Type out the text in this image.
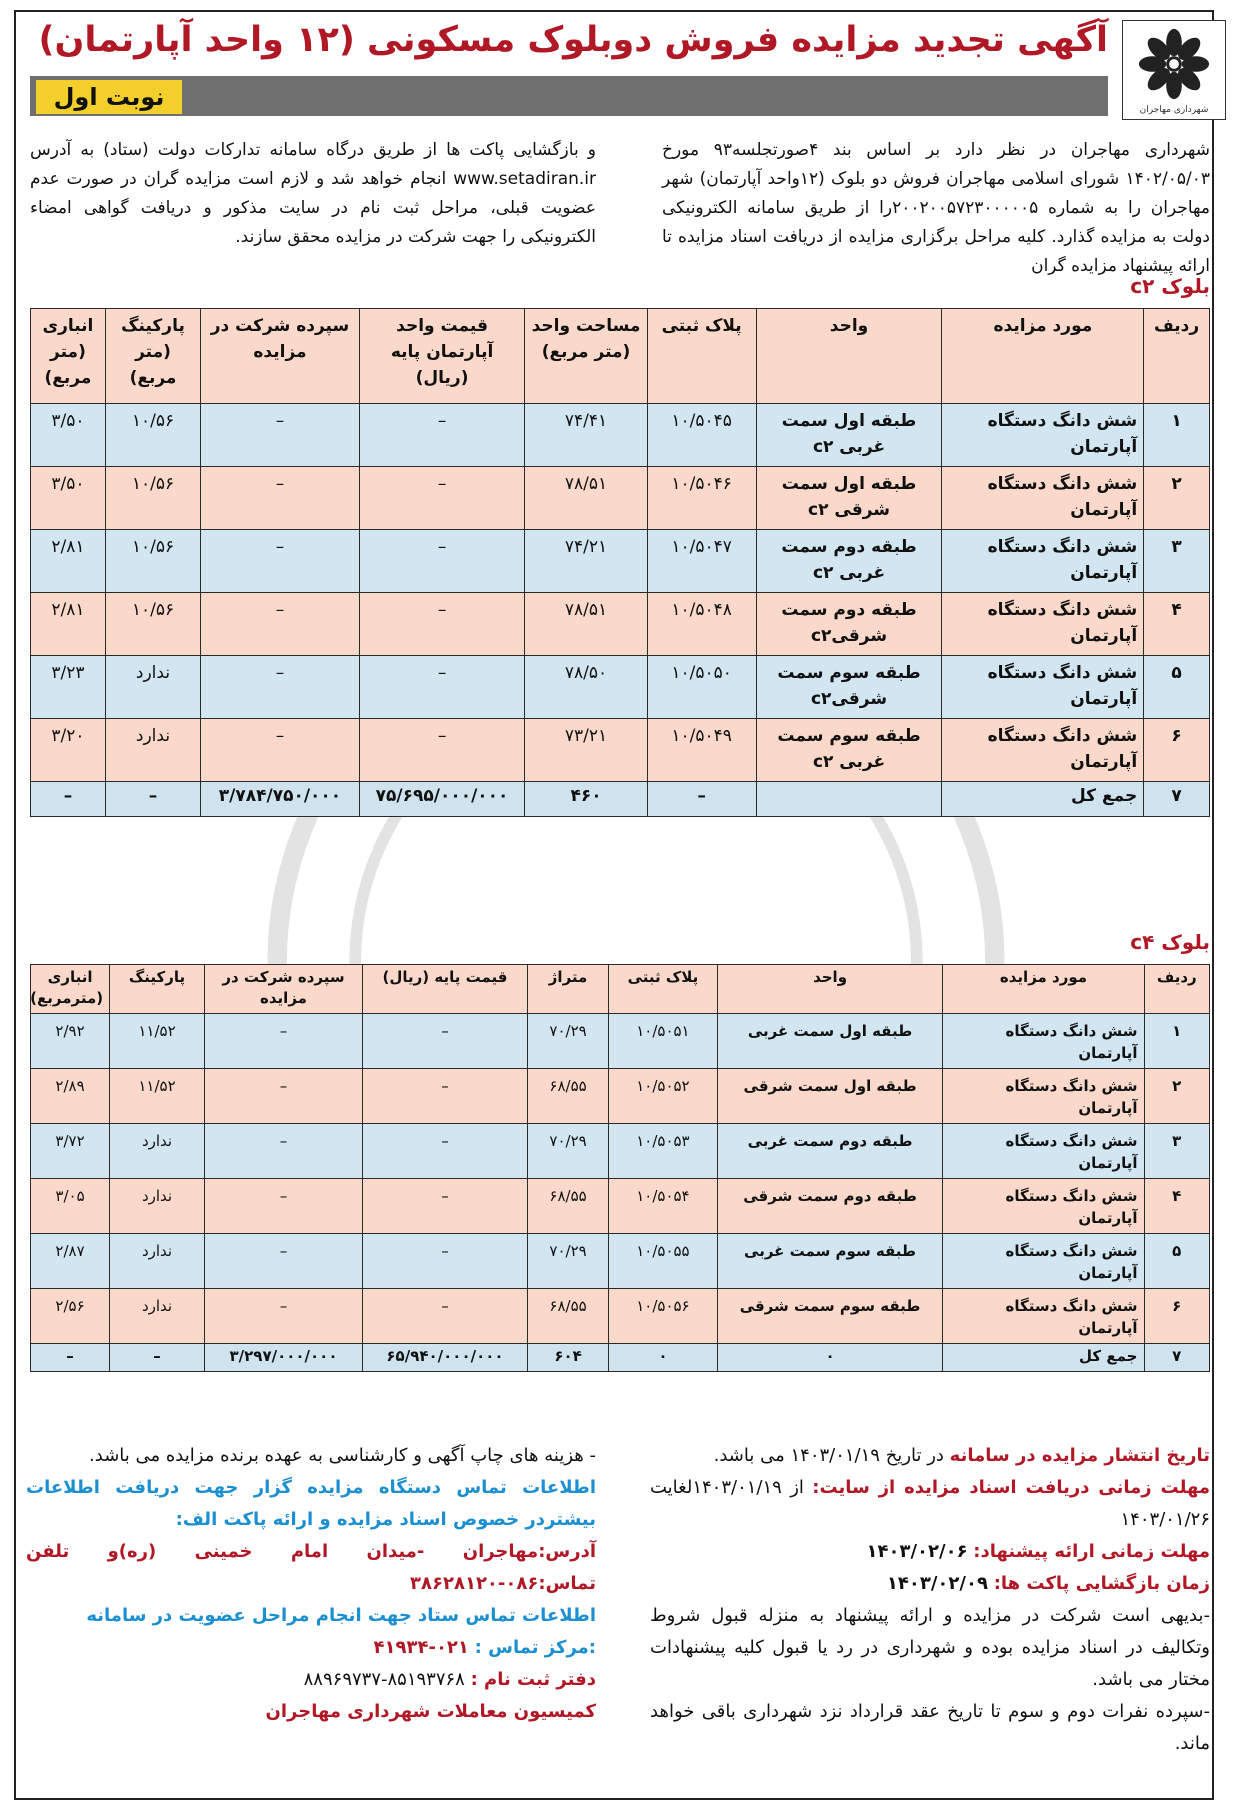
شهرداری مهاجران
آگهی تجدید مزایده فروش دوبلوک مسکونی (۱۲ واحد آپارتمان)
نوبت اول
شهرداری مهاجران در نظر دارد بر اساس بند ۴صورتجلسه۹۳ مورخ ۱۴۰۲/۰۵/۰۳ شورای اسلامی مهاجران فروش دو بلوک (۱۲واحد آپارتمان) شهر مهاجران را به شماره ۲۰۰۲۰۰۵۷۲۳۰۰۰۰۰۵را از طریق سامانه الکترونیکی دولت به مزایده گذارد. کلیه مراحل برگزاری مزایده از دریافت اسناد مزایده تا ارائه پیشنهاد مزایده گران
و بازگشایی پاکت ها از طریق درگاه سامانه تدارکات دولت (ستاد) به آدرس www.setadiran.ir انجام خواهد شد و لازم است مزایده گران در صورت عدم عضویت قبلی، مراحل ثبت نام در سایت مذکور و دریافت گواهی امضاء الکترونیکی را جهت شرکت در مزایده محقق سازند.
بلوک c۲
ردیف	مورد مزایده	واحد	پلاک ثبتی	مساحت واحد (متر مربع)	قیمت واحد آپارتمان پایه (ریال)	سپرده شرکت در مزایده	پارکینگ (متر مربع)	انباری (متر مربع)
۱	شش دانگ دستگاه آپارتمان	طبقه اول سمت غربی c۲	۱۰/۵۰۴۵	۷۴/۴۱	–	–	۱۰/۵۶	۳/۵۰
۲	شش دانگ دستگاه آپارتمان	طبقه اول سمت شرقی c۲	۱۰/۵۰۴۶	۷۸/۵۱	–	–	۱۰/۵۶	۳/۵۰
۳	شش دانگ دستگاه آپارتمان	طبقه دوم سمت غربی c۲	۱۰/۵۰۴۷	۷۴/۲۱	–	–	۱۰/۵۶	۲/۸۱
۴	شش دانگ دستگاه آپارتمان	طبقه دوم سمت شرقیc۲	۱۰/۵۰۴۸	۷۸/۵۱	–	–	۱۰/۵۶	۲/۸۱
۵	شش دانگ دستگاه آپارتمان	طبقه سوم سمت شرقیc۲	۱۰/۵۰۵۰	۷۸/۵۰	–	–	ندارد	۳/۲۳
۶	شش دانگ دستگاه آپارتمان	طبقه سوم سمت غربی c۲	۱۰/۵۰۴۹	۷۳/۲۱	–	–	ندارد	۳/۲۰
۷	جمع کل		–	۴۶۰	۷۵/۶۹۵/۰۰۰/۰۰۰	۳/۷۸۴/۷۵۰/۰۰۰	–	–
بلوک c۴
ردیف	مورد مزایده	واحد	پلاک ثبتی	متراژ	قیمت پایه (ریال)	سپرده شرکت در مزایده	پارکینگ	انباری (مترمربع)
۱	شش دانگ دستگاه آپارتمان	طبقه اول سمت غربی	۱۰/۵۰۵۱	۷۰/۲۹	–	–	۱۱/۵۲	۲/۹۲
۲	شش دانگ دستگاه آپارتمان	طبقه اول سمت شرقی	۱۰/۵۰۵۲	۶۸/۵۵	–	–	۱۱/۵۲	۲/۸۹
۳	شش دانگ دستگاه آپارتمان	طبقه دوم سمت غربی	۱۰/۵۰۵۳	۷۰/۲۹	–	–	ندارد	۳/۷۲
۴	شش دانگ دستگاه آپارتمان	طبقه دوم سمت شرقی	۱۰/۵۰۵۴	۶۸/۵۵	–	–	ندارد	۳/۰۵
۵	شش دانگ دستگاه آپارتمان	طبقه سوم سمت غربی	۱۰/۵۰۵۵	۷۰/۲۹	–	–	ندارد	۲/۸۷
۶	شش دانگ دستگاه آپارتمان	طبقه سوم سمت شرقی	۱۰/۵۰۵۶	۶۸/۵۵	–	–	ندارد	۲/۵۶
۷	جمع کل	۰	۰	۶۰۴	۶۵/۹۴۰/۰۰۰/۰۰۰	۳/۲۹۷/۰۰۰/۰۰۰	–	–
تاریخ انتشار مزایده در سامانه در تاریخ ۱۴۰۳/۰۱/۱۹ می باشد.
مهلت زمانی دریافت اسناد مزایده از سایت: از ۱۴۰۳/۰۱/۱۹لغایت ۱۴۰۳/۰۱/۲۶
مهلت زمانی ارائه پیشنهاد: ۱۴۰۳/۰۲/۰۶
زمان بازگشایی پاکت ها: ۱۴۰۳/۰۲/۰۹
-بدیهی است شرکت در مزایده و ارائه پیشنهاد به منزله قبول شروط وتکالیف در اسناد مزایده بوده و شهرداری در رد یا قبول کلیه پیشنهادات مختار می باشد.
-سپرده نفرات دوم و سوم تا تاریخ عقد قرارداد نزد شهرداری باقی خواهد ماند.
- هزینه های چاپ آگهی و کارشناسی به عهده برنده مزایده می باشد.
اطلاعات تماس دستگاه مزایده گزار جهت دریافت اطلاعات بیشتردر خصوص اسناد مزایده و ارائه پاکت الف:
آدرس:مهاجران -میدان امام خمینی (ره)و تلفن تماس:۰۸۶-۳۸۶۲۸۱۲۰
اطلاعات تماس ستاد جهت انجام مراحل عضویت در سامانه
:مرکز تماس : ۰۲۱-۴۱۹۳۴
دفتر ثبت نام : ۸۵۱۹۳۷۶۸-۸۸۹۶۹۷۳۷
کمیسیون معاملات شهرداری مهاجران
